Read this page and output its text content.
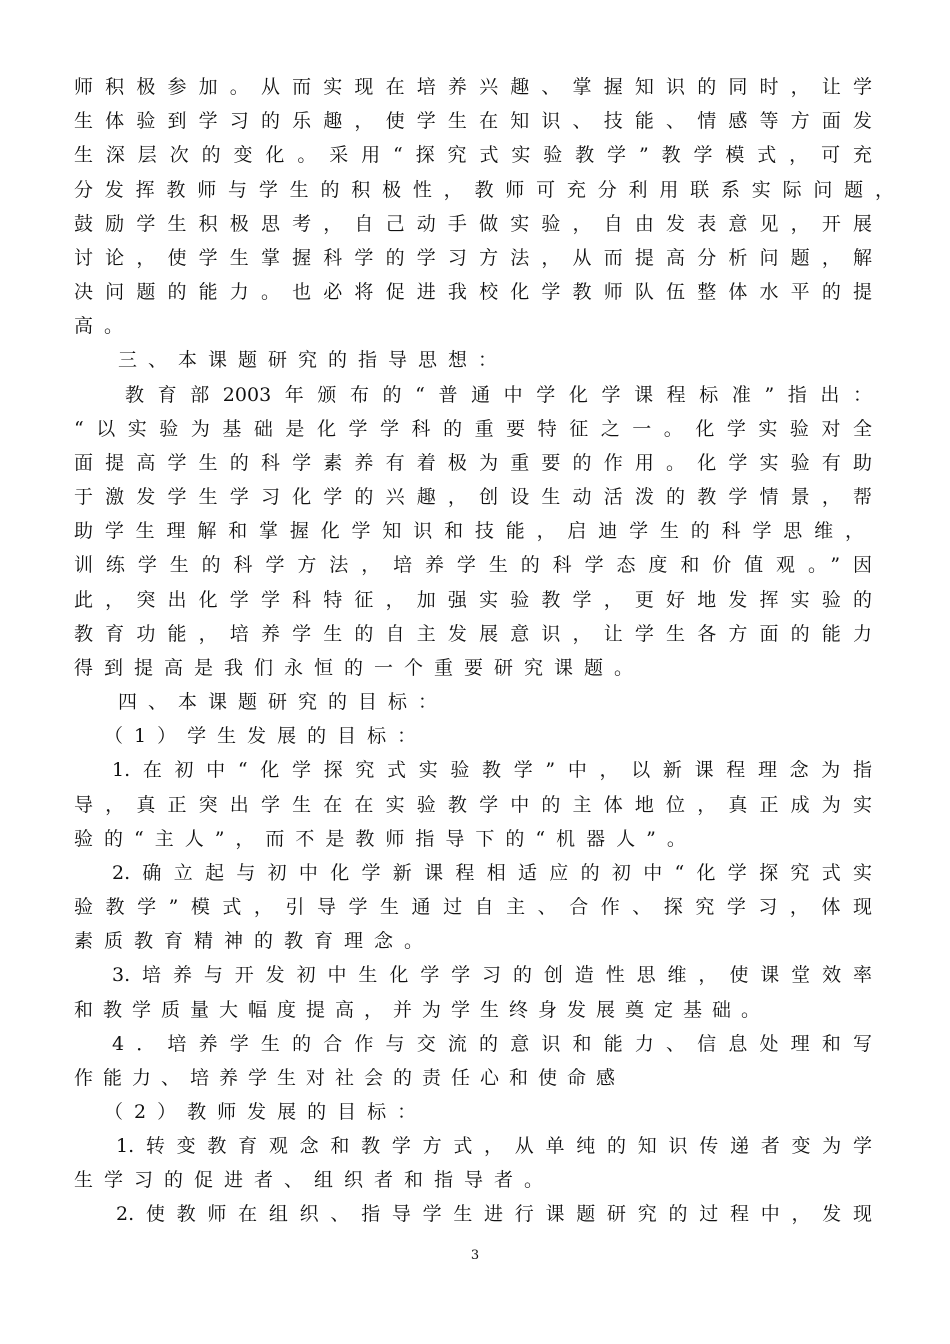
师积极参加。从而实现在培养兴趣、掌握知识的同时，让学
生体验到学习的乐趣，使学生在知识、技能、情感等方面发
生深层次的变化。采用“探究式实验教学”教学模式，可充
分发挥教师与学生的积极性，教师可充分利用联系实际问题，
鼓励学生积极思考，自己动手做实验，自由发表意见，开展
讨论，使学生掌握科学的学习方法，从而提高分析问题，解
决问题的能力。也必将促进我校化学教师队伍整体水平的提
高。
三、本课题研究的指导思想：
教育部2003年颁布的“普通中学化学课程标准”指出：
“以实验为基础是化学学科的重要特征之一。化学实验对全
面提高学生的科学素养有着极为重要的作用。化学实验有助
于激发学生学习化学的兴趣，创设生动活泼的教学情景，帮
助学生理解和掌握化学知识和技能，启迪学生的科学思维，
训练学生的科学方法，培养学生的科学态度和价值观。”因
此，突出化学学科特征，加强实验教学，更好地发挥实验的
教育功能，培养学生的自主发展意识，让学生各方面的能力
得到提高是我们永恒的一个重要研究课题。
四、本课题研究的目标：
（1）学生发展的目标：
1.在初中“化学探究式实验教学”中，以新课程理念为指
导，真正突出学生在在实验教学中的主体地位，真正成为实
验的“主人”，而不是教师指导下的“机器人”。
2.确立起与初中化学新课程相适应的初中“化学探究式实
验教学”模式，引导学生通过自主、合作、探究学习，体现
素质教育精神的教育理念。
3.培养与开发初中生化学学习的创造性思维，使课堂效率
和教学质量大幅度提高，并为学生终身发展奠定基础。
4．培养学生的合作与交流的意识和能力、信息处理和写
作能力、培养学生对社会的责任心和使命感
（2）教师发展的目标：
1.转变教育观念和教学方式，从单纯的知识传递者变为学
生学习的促进者、组织者和指导者。
2.使教师在组织、指导学生进行课题研究的过程中，发现
3
